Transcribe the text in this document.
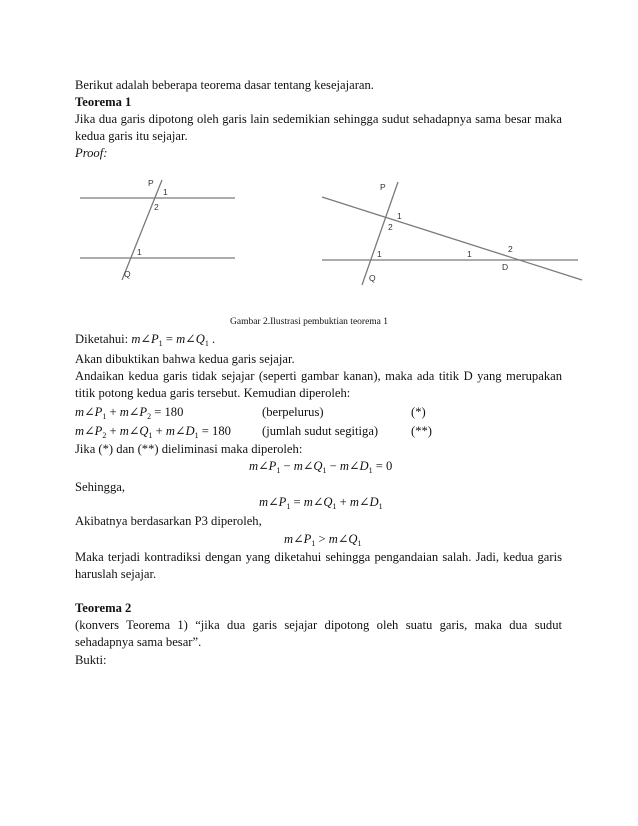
Berikut adalah beberapa teorema dasar tentang kesejajaran.
Teorema 1
Jika dua garis dipotong oleh garis lain sedemikian sehingga sudut sehadapnya sama besar maka kedua garis itu sejajar.
Proof:
P
1
2
1
Q
P
1
2
1
Q
1	2
D
Gambar 2.Ilustrasi pembuktian teorema 1
Diketahui: $m\angle P_1$ = $m\angle Q_1$ .
Akan dibuktikan bahwa kedua garis sejajar.
Andaikan kedua garis tidak sejajar (seperti gambar kanan), maka ada titik D yang merupakan titik potong kedua garis tersebut. Kemudian diperoleh:
$m\angle P_1$ + $m\angle P_2 = 180$	(berpelurus)	(*)
$m\angle P_2$ + $m\angle Q_1$ + $m\angle D_1 = 180$ (jumlah sudut segitiga)	(**)
Jika (*) dan (**) dieliminasi maka diperoleh:
$m\angle P_1$ − $m\angle Q_1$ − $m\angle D_1 = 0$
Sehingga,
$m\angle P_1$ = $m\angle Q_1$ + $m\angle D_1$
Akibatnya berdasarkan P3 diperoleh,
$m\angle P_1$ > $m\angle Q_1$
Maka terjadi kontradiksi dengan yang diketahui sehingga pengandaian salah. Jadi, kedua garis haruslah sejajar.
Teorema 2
(konvers Teorema 1) “jika dua garis sejajar dipotong oleh suatu garis, maka dua sudut sehadapnya sama besar”.
Bukti:
